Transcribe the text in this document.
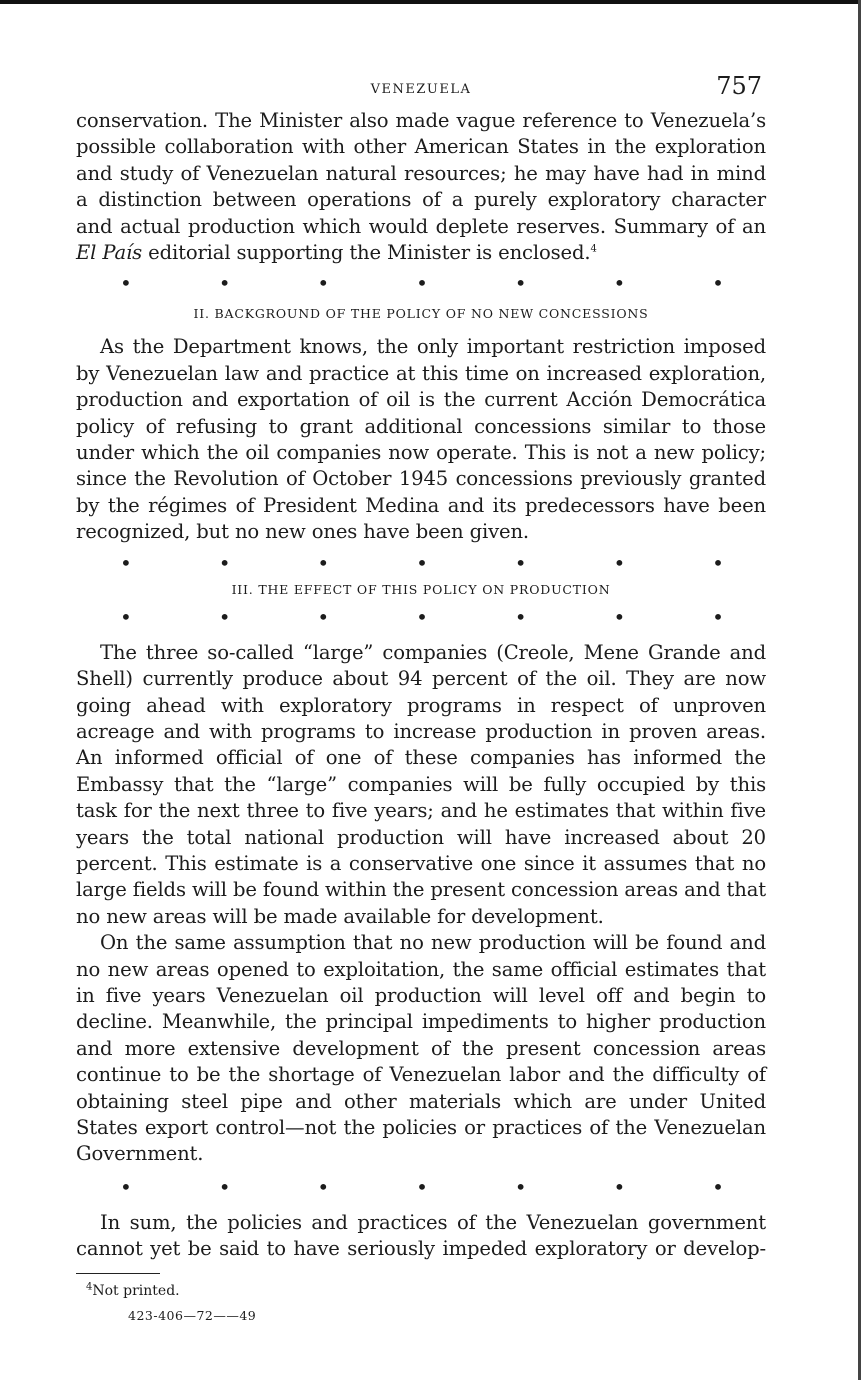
VENEZUELA	757

conservation. The Minister also made vague reference to Venezuela’s possible collaboration with other American States in the exploration and study of Venezuelan natural resources; he may have had in mind a distinction between operations of a purely exploratory character and actual production which would deplete reserves. Summary of an El País editorial supporting the Minister is enclosed.$^4$

•	•	•	•	•	•	•
II. BACKGROUND OF THE POLICY OF NO NEW CONCESSIONS

As the Department knows, the only important restriction imposed by Venezuelan law and practice at this time on increased exploration, production and exportation of oil is the current Acción Democrática policy of refusing to grant additional concessions similar to those under which the oil companies now operate. This is not a new policy; since the Revolution of October 1945 concessions previously granted by the régimes of President Medina and its predecessors have been recognized, but no new ones have been given.

•	•	•	•	•	•	•
III. THE EFFECT OF THIS POLICY ON PRODUCTION
•	•	•	•	•	•	•

The three so-called “large” companies (Creole, Mene Grande and Shell) currently produce about 94 percent of the oil. They are now going ahead with exploratory programs in respect of unproven acreage and with programs to increase production in proven areas. An informed official of one of these companies has informed the Embassy that the “large” companies will be fully occupied by this task for the next three to five years; and he estimates that within five years the total national production will have increased about 20 percent. This estimate is a conservative one since it assumes that no large fields will be found within the present concession areas and that no new areas will be made available for development.

On the same assumption that no new production will be found and no new areas opened to exploitation, the same official estimates that in five years Venezuelan oil production will level off and begin to decline. Meanwhile, the principal impediments to higher production and more extensive development of the present concession areas continue to be the shortage of Venezuelan labor and the difficulty of obtaining steel pipe and other materials which are under United States export control—not the policies or practices of the Venezuelan Government.

•	•	•	•	•	•	•

In sum, the policies and practices of the Venezuelan government cannot yet be said to have seriously impeded exploratory or develop-

$^4$Not printed.
423-406—72——49
